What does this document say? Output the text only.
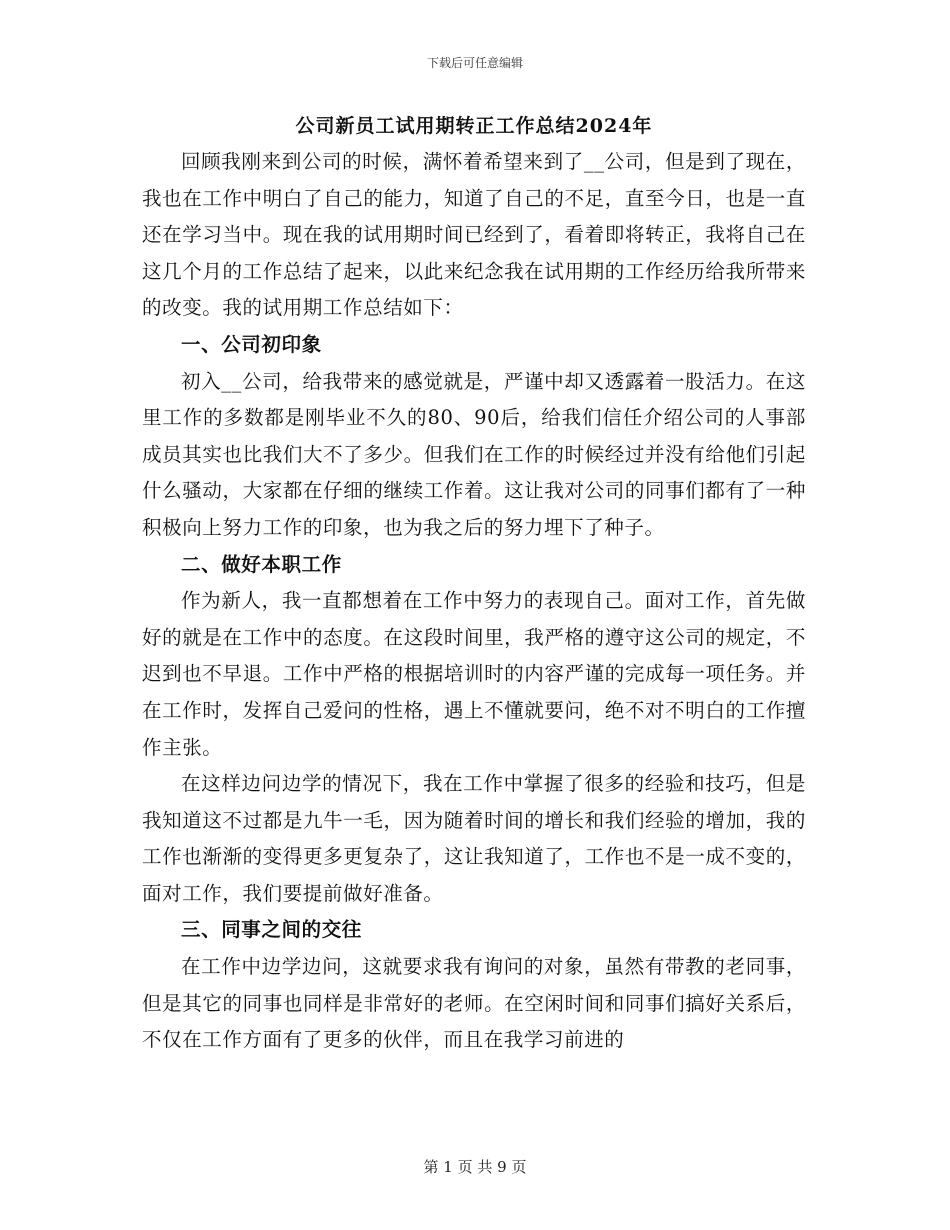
下载后可任意编辑
公司新员工试用期转正工作总结2024年

回顾我刚来到公司的时候，满怀着希望来到了__公司，但是到了现在，我也在工作中明白了自己的能力，知道了自己的不足，直至今日，也是一直还在学习当中。现在我的试用期时间已经到了，看着即将转正，我将自己在这几个月的工作总结了起来，以此来纪念我在试用期的工作经历给我所带来的改变。我的试用期工作总结如下：

一、公司初印象

初入__公司，给我带来的感觉就是，严谨中却又透露着一股活力。在这里工作的多数都是刚毕业不久的80、90后，给我们信任介绍公司的人事部成员其实也比我们大不了多少。但我们在工作的时候经过并没有给他们引起什么骚动，大家都在仔细的继续工作着。这让我对公司的同事们都有了一种积极向上努力工作的印象，也为我之后的努力埋下了种子。

二、做好本职工作

作为新人，我一直都想着在工作中努力的表现自己。面对工作，首先做好的就是在工作中的态度。在这段时间里，我严格的遵守这公司的规定，不迟到也不早退。工作中严格的根据培训时的内容严谨的完成每一项任务。并在工作时，发挥自己爱问的性格，遇上不懂就要问，绝不对不明白的工作擅作主张。

在这样边问边学的情况下，我在工作中掌握了很多的经验和技巧，但是我知道这不过都是九牛一毛，因为随着时间的增长和我们经验的增加，我的工作也渐渐的变得更多更复杂了，这让我知道了，工作也不是一成不变的，面对工作，我们要提前做好准备。

三、同事之间的交往

在工作中边学边问，这就要求我有询问的对象，虽然有带教的老同事，但是其它的同事也同样是非常好的老师。在空闲时间和同事们搞好关系后，不仅在工作方面有了更多的伙伴，而且在我学习前进的

第 1 页 共 9 页
